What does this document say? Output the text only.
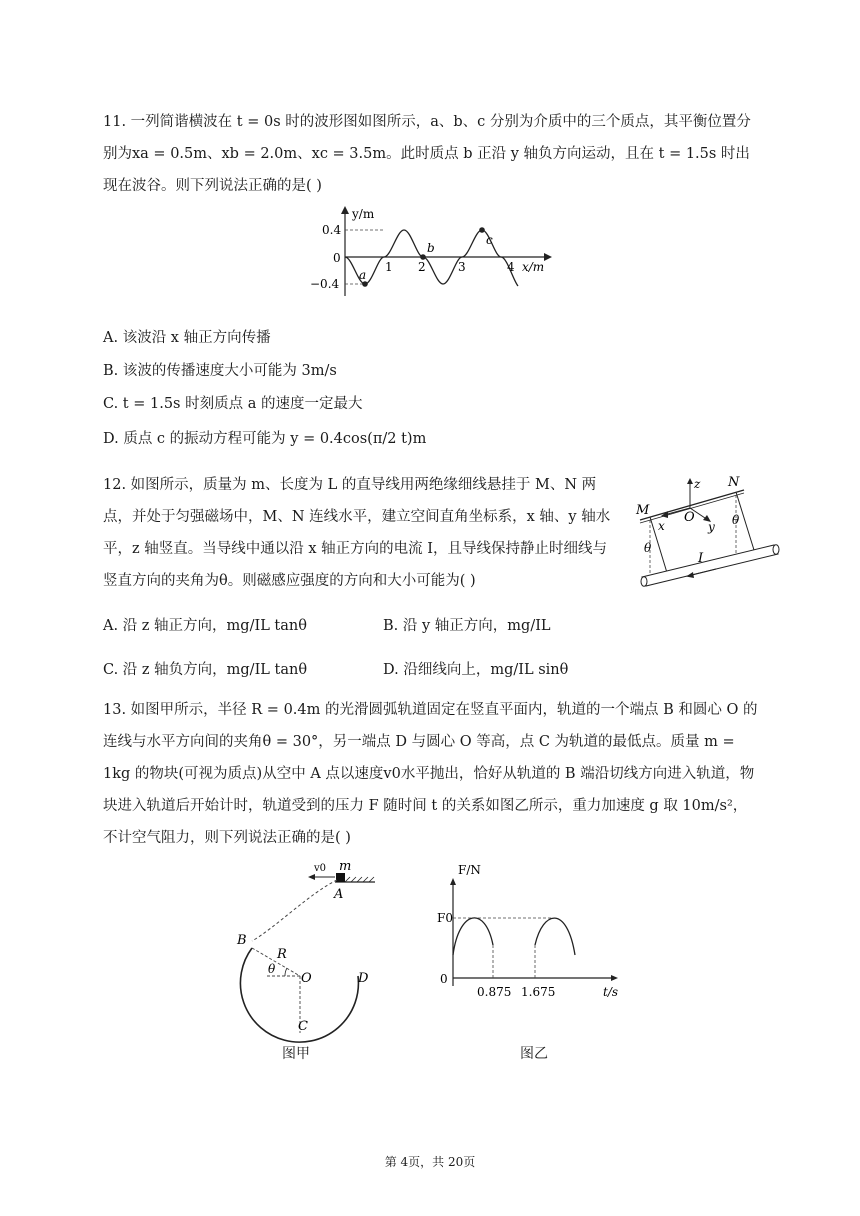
11. 一列简谐横波在 t = 0s 时的波形图如图所示，a、b、c 分别为介质中的三个质点，其平衡位置分别为xa = 0.5m、xb = 2.0m、xc = 3.5m。此时质点 b 正沿 y 轴负方向运动，且在 t = 1.5s 时出现在波谷。则下列说法正确的是( )

y/m
0.4
0
−0.4
1 2	3	4 x/m
a
b
c

A. 该波沿 x 轴正方向传播

B. 该波的传播速度大小可能为 3m/s

C. t = 1.5s 时刻质点 a 的速度一定最大

D. 质点 c 的振动方程可能为 y = 0.4cos(π/2 t)m

12. 如图所示，质量为 m、长度为 L 的直导线用两绝缘细线悬挂于 M、N 两点，并处于匀强磁场中，M、N 连线水平，建立空间直角坐标系，x 轴、y 轴水平，z 轴竖直。当导线中通以沿 x 轴正方向的电流 I，且导线保持静止时细线与竖直方向的夹角为θ。则磁感应强度的方向和大小可能为( )

z
O
x	y
M
N
θ
θ
I

A. 沿 z 轴正方向，mg/IL tanθ	B. 沿 y 轴正方向，mg/IL

C. 沿 z 轴负方向，mg/IL tanθ	D. 沿细线向上，mg/IL sinθ

13. 如图甲所示，半径 R = 0.4m 的光滑圆弧轨道固定在竖直平面内，轨道的一个端点 B 和圆心 O 的连线与水平方向间的夹角θ = 30°，另一端点 D 与圆心 O 等高，点 C 为轨道的最低点。质量 m = 1kg 的物块(可视为质点)从空中 A 点以速度v0水平抛出，恰好从轨道的 B 端沿切线方向进入轨道，物块进入轨道后开始计时，轨道受到的压力 F 随时间 t 的关系如图乙所示，重力加速度 g 取 10m/s²，不计空气阻力，则下列说法正确的是( )

v0 m
A
B
R
θ
O	D
C
图甲
F/N
F0
0
0.875 1.675	t/s
图乙
第 4页，共 20页
